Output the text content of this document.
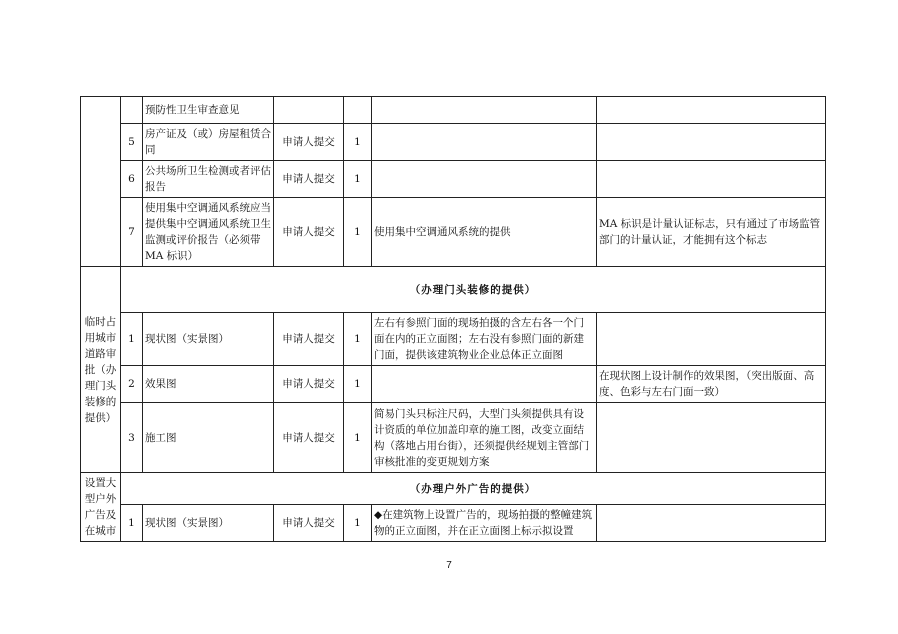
		预防性卫生审查意见				
	5	房产证及（或）房屋租赁合同	申请人提交	1		
	6	公共场所卫生检测或者评估报告	申请人提交	1		
	7	使用集中空调通风系统应当提供集中空调通风系统卫生监测或评价报告（必须带 MA 标识）	申请人提交	1	使用集中空调通风系统的提供	MA 标识是计量认证标志，只有通过了市场监管部门的计量认证，才能拥有这个标志
临时占用城市道路审批（办理门头装修的提供）	（办理门头装修的提供）					
	1	现状图（实景图）	申请人提交	1	左右有参照门面的现场拍摄的含左右各一个门面在内的正立面图；左右没有参照门面的新建门面，提供该建筑物业企业总体正立面图	
	2	效果图	申请人提交	1		在现状图上设计制作的效果图，（突出版面、高度、色彩与左右门面一致）
	3	施工图	申请人提交	1	简易门头只标注尺码，大型门头须提供具有设计资质的单位加盖印章的施工图，改变立面结构（落地占用台街），还须提供经规划主管部门审核批准的变更规划方案	
设置大型户外广告及在城市	（办理户外广告的提供）					
	1	现状图（实景图）	申请人提交	1	◆在建筑物上设置广告的，现场拍摄的整幢建筑物的正立面图，并在正立面图上标示拟设置	
7
